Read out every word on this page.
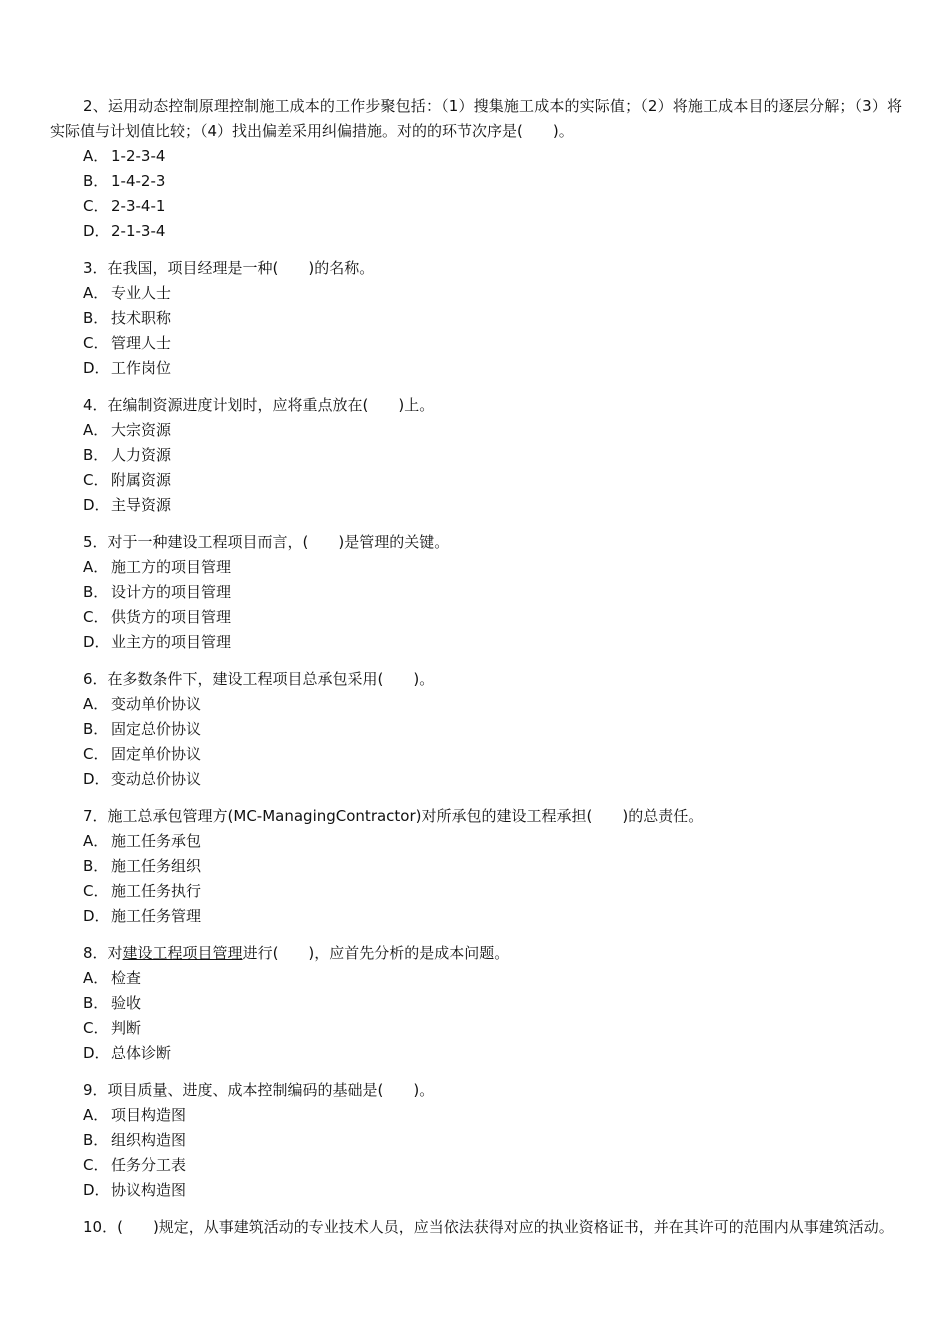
2、运用动态控制原理控制施工成本的工作步聚包括：（1）搜集施工成本的实际值；（2）将施工成本目的逐层分解；（3）将实际值与计划值比较；（4）找出偏差采用纠偏措施。对的的环节次序是(　　)。

A． 1-2-3-4
B． 1-4-2-3
C． 2-3-4-1
D．2-1-3-4

3．在我国，项目经理是一种(　　)的名称。

A． 专业人士
B． 技术职称
C． 管理人士
D．工作岗位

4．在编制资源进度计划时，应将重点放在(　　)上。

A． 大宗资源
B． 人力资源
C． 附属资源
D．主导资源

5．对于一种建设工程项目而言，(　　)是管理的关键。

A． 施工方的项目管理
B． 设计方的项目管理
C． 供货方的项目管理
D．业主方的项目管理

6．在多数条件下，建设工程项目总承包采用(　　)。

A． 变动单价协议
B． 固定总价协议
C． 固定单价协议
D．变动总价协议

7．施工总承包管理方(MC-ManagingContractor)对所承包的建设工程承担(　　)的总责任。

A． 施工任务承包
B． 施工任务组织
C． 施工任务执行
D．施工任务管理

8．对建设工程项目管理进行(　　)，应首先分析的是成本问题。

A． 检查
B． 验收
C． 判断
D．总体诊断

9．项目质量、进度、成本控制编码的基础是(　　)。

A． 项目构造图
B． 组织构造图
C． 任务分工表
D．协议构造图

10．(　　)规定，从事建筑活动的专业技术人员，应当依法获得对应的执业资格证书，并在其许可的范围内从事建筑活动。
